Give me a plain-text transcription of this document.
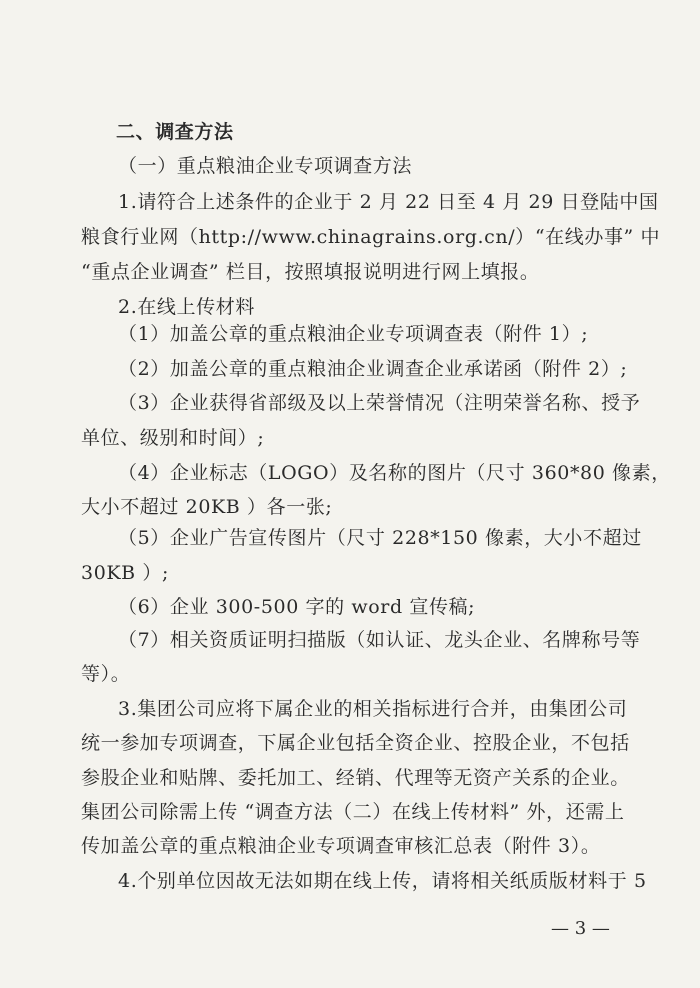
二、调查方法
（一）重点粮油企业专项调查方法
1.请符合上述条件的企业于 2 月 22 日至 4 月 29 日登陆中国
粮食行业网（http://www.chinagrains.org.cn/）“在线办事” 中
“重点企业调查” 栏目，按照填报说明进行网上填报。
2.在线上传材料
（1）加盖公章的重点粮油企业专项调查表（附件 1）;
（2）加盖公章的重点粮油企业调查企业承诺函（附件 2）;
（3）企业获得省部级及以上荣誉情况（注明荣誉名称、授予
单位、级别和时间）;
（4）企业标志（LOGO）及名称的图片（尺寸 360*80 像素，
大小不超过 20KB ）各一张;
（5）企业广告宣传图片（尺寸 228*150 像素，大小不超过
30KB ）;
（6）企业 300-500 字的 word 宣传稿;
（7）相关资质证明扫描版（如认证、龙头企业、名牌称号等
等）。
3.集团公司应将下属企业的相关指标进行合并，由集团公司
统一参加专项调查，下属企业包括全资企业、控股企业，不包括
参股企业和贴牌、委托加工、经销、代理等无资产关系的企业。
集团公司除需上传 “调查方法（二）在线上传材料” 外，还需上
传加盖公章的重点粮油企业专项调查审核汇总表（附件 3）。
4.个别单位因故无法如期在线上传，请将相关纸质版材料于 5
— 3 —
